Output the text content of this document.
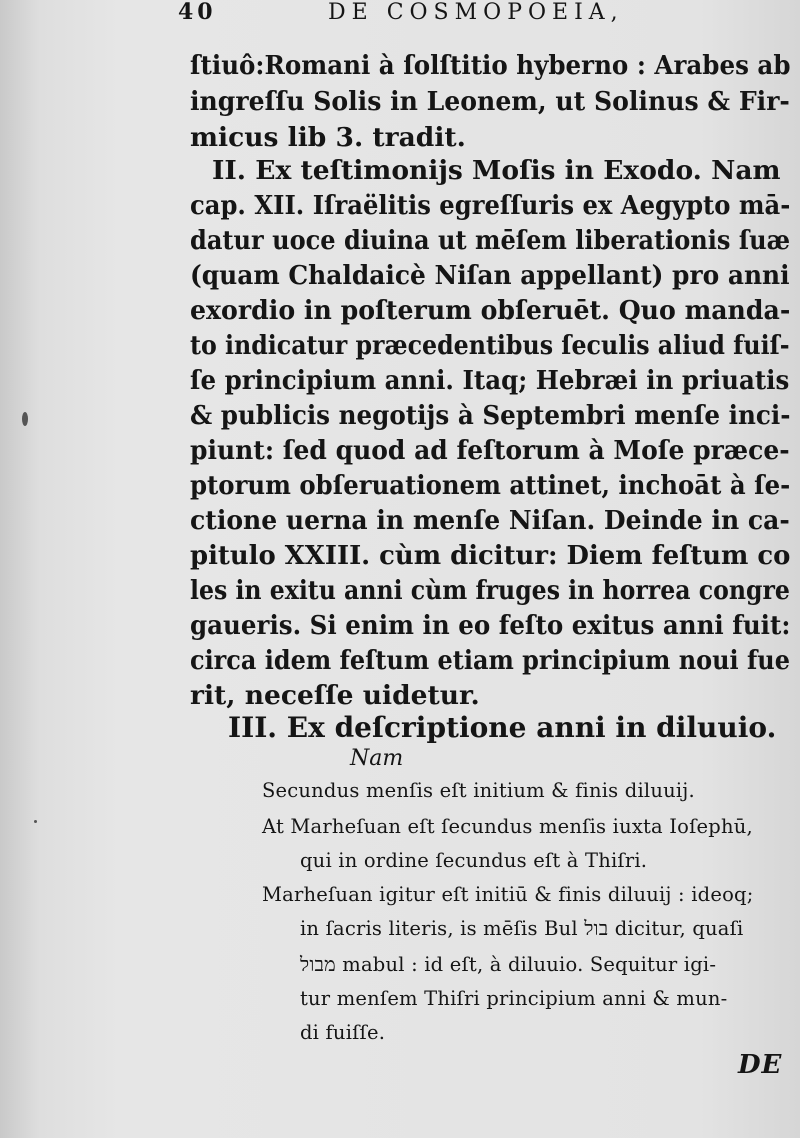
40	DE COSMOPOEIA,
ſtiuô:Romani à ſolſtitio hyberno : Arabes ab
ingreſſu Solis in Leonem, ut Solinus & Fir-
micus lib 3. tradit.
II. Ex teſtimonijs Moſis in Exodo. Nam
cap. XII. Iſraëlitis egreſſuris ex Aegypto mā-
datur uoce diuina ut mēſem liberationis ſuæ
(quam Chaldaicè Niſan appellant) pro anni
exordio in poſterum obſeruēt. Quo manda-
to indicatur præcedentibus ſeculis aliud fuiſ-
ſe principium anni. Itaq; Hebræi in priuatis
& publicis negotijs à Septembri menſe inci-
piunt: ſed quod ad feſtorum à Moſe præce-
ptorum obſeruationem attinet, inchoāt à ſe-
ctione uerna in menſe Niſan. Deinde in ca-
pitulo XXIII. cùm dicitur: Diem feſtum co
les in exitu anni cùm fruges in horrea congre
gaueris. Si enim in eo feſto exitus anni fuit:
circa idem feſtum etiam principium noui fue
rit, neceſſe uidetur.
III. Ex deſcriptione anni in diluuio.
Nam
Secundus menſis eſt initium & finis diluuij.
At Marheſuan eſt ſecundus menſis iuxta Ioſephū,
qui in ordine ſecundus eſt à Thiſri.
Marheſuan igitur eſt initiū & finis diluuij : ideoq;
in ſacris literis, is mēſis Bul בול dicitur, quaſi
מבול mabul : id eſt, à diluuio. Sequitur igi-
tur menſem Thiſri principium anni & mun-
di fuiſſe.
DE
